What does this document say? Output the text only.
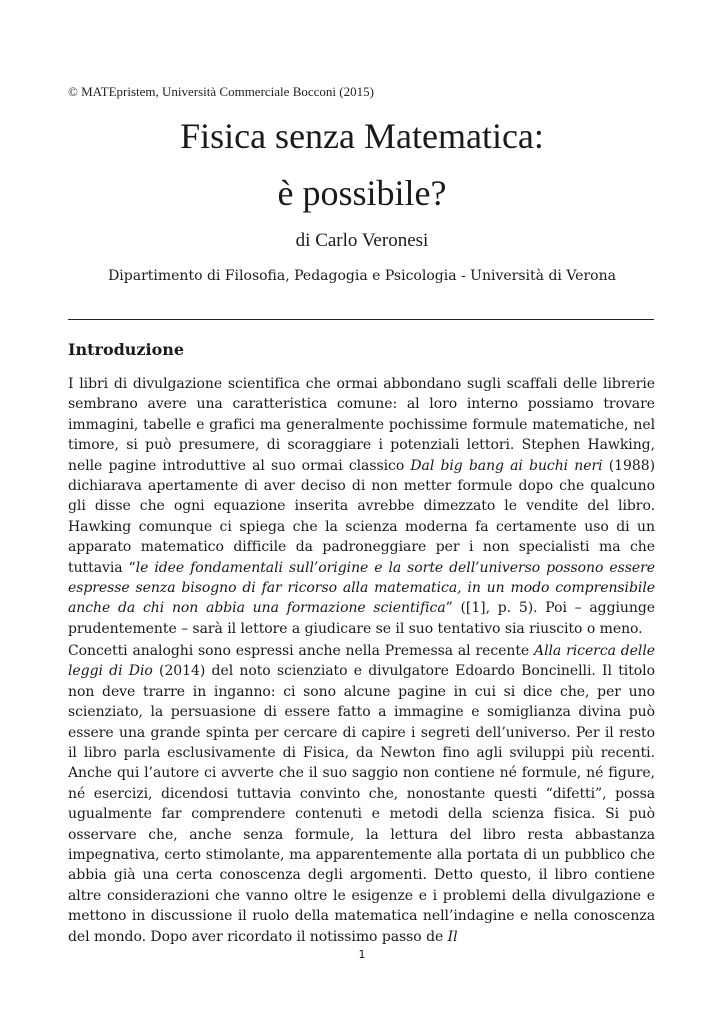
© MATEpristem, Università Commerciale Bocconi (2015)
Fisica senza Matematica:
è possibile?
di Carlo Veronesi
Dipartimento di Filosofia, Pedagogia e Psicologia - Università di Verona
Introduzione

I libri di divulgazione scientifica che ormai abbondano sugli scaffali delle librerie sembrano avere una caratteristica comune: al loro interno possiamo trovare immagini, tabelle e grafici ma generalmente pochissime formule matematiche, nel timore, si può presumere, di scoraggiare i potenziali lettori. Stephen Hawking, nelle pagine introduttive al suo ormai classico Dal big bang ai buchi neri (1988) dichiarava apertamente di aver deciso di non metter formule dopo che qualcuno gli disse che ogni equazione inserita avrebbe dimezzato le vendite del libro. Hawking comunque ci spiega che la scienza moderna fa certamente uso di un apparato matematico difficile da padroneggiare per i non specialisti ma che tuttavia “le idee fondamentali sull’origine e la sorte dell’universo possono essere espresse senza bisogno di far ricorso alla matematica, in un modo comprensibile anche da chi non abbia una formazione scientifica” ([1], p. 5). Poi – aggiunge prudentemente – sarà il lettore a giudicare se il suo tentativo sia riuscito o meno.

Concetti analoghi sono espressi anche nella Premessa al recente Alla ricerca delle leggi di Dio (2014) del noto scienziato e divulgatore Edoardo Boncinelli. Il titolo non deve trarre in inganno: ci sono alcune pagine in cui si dice che, per uno scienziato, la persuasione di essere fatto a immagine e somiglianza divina può essere una grande spinta per cercare di capire i segreti dell’universo. Per il resto il libro parla esclusivamente di Fisica, da Newton fino agli sviluppi più recenti. Anche qui l’autore ci avverte che il suo saggio non contiene né formule, né figure, né esercizi, dicendosi tuttavia convinto che, nonostante questi “difetti”, possa ugualmente far comprendere contenuti e metodi della scienza fisica. Si può osservare che, anche senza formule, la lettura del libro resta abbastanza impegnativa, certo stimolante, ma apparentemente alla portata di un pubblico che abbia già una certa conoscenza degli argomenti. Detto questo, il libro contiene altre considerazioni che vanno oltre le esigenze e i problemi della divulgazione e mettono in discussione il ruolo della matematica nell’indagine e nella conoscenza del mondo. Dopo aver ricordato il notissimo passo de Il

1
